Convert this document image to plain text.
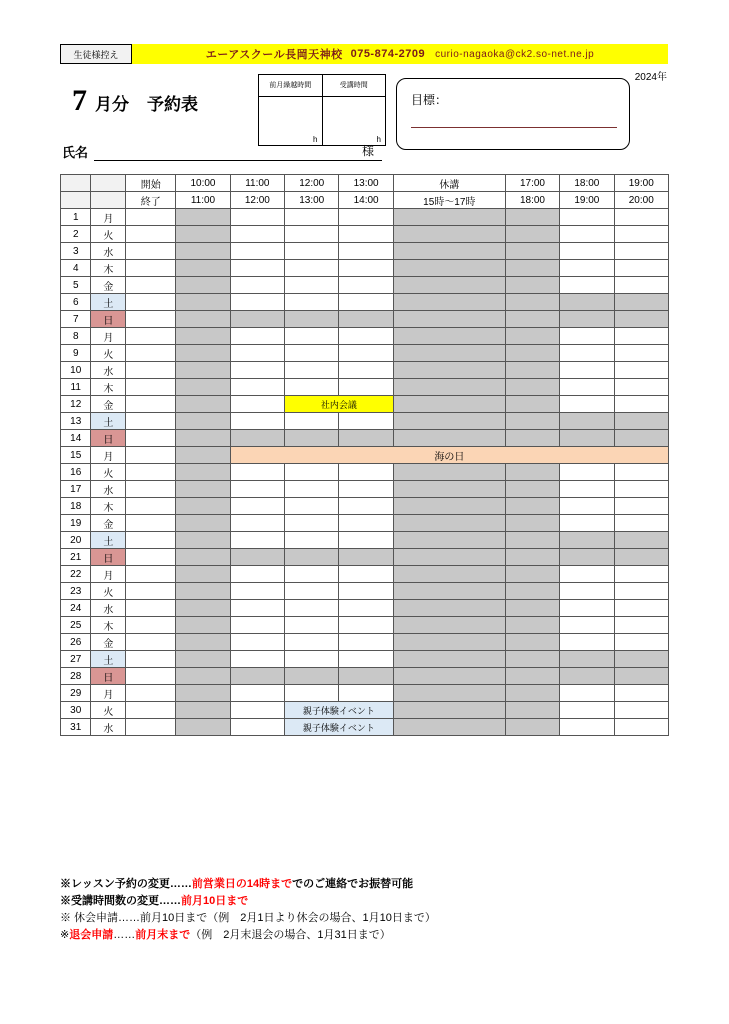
生徒様控え	エーアスクール長岡天神校 075-874-2709 curio-nagaoka@ck2.so-net.ne.jp
2024年
7 月分 予約表
前月繰越時間	受講時間
h	h
目標：
氏名	様
		開始	10:00	11:00	12:00	13:00	休講	17:00	18:00	19:00
		終了	11:00	12:00	13:00	14:00	15時〜17時	18:00	19:00	20:00
1	月									
2	火									
3	水									
4	木									
5	金									
6	土									
7	日									
8	月									
9	火									
10	水									
11	木									
12	金				社内会議					
13	土									
14	日									
15	月			海の日						
16	火									
17	水									
18	木									
19	金									
20	土									
21	日									
22	月									
23	火									
24	水									
25	木									
26	金									
27	土									
28	日									
29	月									
30	火				親子体験イベント					
31	水				親子体験イベント					
※レッスン予約の変更……前営業日の14時まででのご連絡でお振替可能
※受講時間数の変更……前月10日まで
※ 休会申請……前月10日まで（例　2月1日より休会の場合、1月10日まで）
※退会申請……前月末まで（例　2月末退会の場合、1月31日まで）
